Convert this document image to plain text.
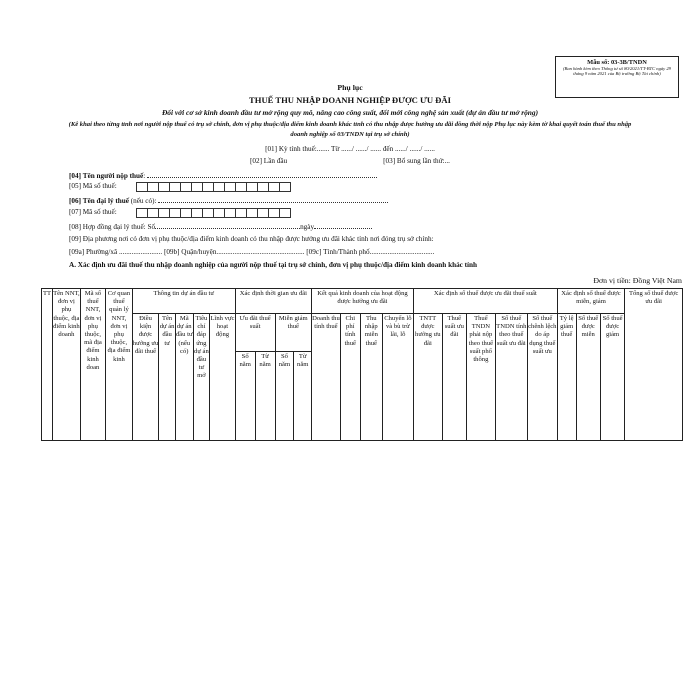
Mẫu số: 03-3B/TNDN
(Ban hành kèm theo Thông tư số 80/2021/TT-BTC ngày 29 tháng 9 năm 2021 của Bộ trưởng Bộ Tài chính)
Phụ lục
THUẾ THU NHẬP DOANH NGHIỆP ĐƯỢC ƯU ĐÃI
Đối với cơ sở kinh doanh đầu tư mở rộng quy mô, nâng cao công suất, đổi mới công nghệ sản xuất (dự án đầu tư mở rộng)
(Kê khai theo từng tỉnh nơi người nộp thuế có trụ sở chính, đơn vị phụ thuộc/địa điểm kinh doanh khác tỉnh có thu nhập được hưởng ưu đãi đồng thời nộp Phụ lục này kèm tờ khai quyết toán thuế thu nhập doanh nghiệp số 03/TNDN tại trụ sở chính)
[01] Kỳ tính thuế:....... Từ ....../ ....../ ...... đến ....../ ....../ ......
[02] Lần đầu	[03] Bổ sung lần thứ:...
[04] Tên người nộp thuế:
[05] Mã số thuế:
[06] Tên đại lý thuế (nếu có):
[07] Mã số thuế:
[08] Hợp đồng đại lý thuế: Số	ngày
[09] Địa phương nơi có đơn vị phụ thuộc/địa điểm kinh doanh có thu nhập được hưởng ưu đãi khác tỉnh nơi đóng trụ sở chính:
[09a] Phường/xã ........................ [09b] Quận/huyện................................................. [09c] Tỉnh/Thành phố....................................
A. Xác định ưu đãi thuế thu nhập doanh nghiệp của người nộp thuế tại trụ sở chính, đơn vị phụ thuộc/địa điểm kinh doanh khác tỉnh
Đơn vị tiền: Đồng Việt Nam
TT	Tên NNT, đơn vị phụ thuộc, địa điểm kinh doanh	Mã số thuế NNT, đơn vị phụ thuộc, mã địa điểm kinh doan	Cơ quan thuế quản lý NNT, đơn vị phụ thuộc, địa điểm kinh	Thông tin dự án đầu tư					Xác định thời gian ưu đãi				Kết quả kinh doanh của hoạt động được hưởng ưu đãi				Xác định số thuế được ưu đãi thuế suất					Xác định số thuế được miễn, giảm			Tổng số thuế được ưu đãi
				Điều kiện được hưởng ưu đãi thuế	Tên dự án đầu tư	Mã dự án đầu tư (nếu có)	Tiêu chí đáp ứng dự án đầu tư mở	Lĩnh vực hoạt động	Ưu đãi thuế suất		Miễn giảm thuế		Doanh thu tính thuế	Chi phí tính thuế	Thu nhập miễn thuế	Chuyển lỗ và bù trừ lãi, lỗ	TNTT được hưởng ưu đãi	Thuế suất ưu đãi	Thuế TNDN phải nộp theo thuế suất phổ thông	Số thuế TNDN tính theo thuế suất ưu đãi	Số thuế chênh lệch do áp dụng thuế suất ưu	Tỷ lệ giảm thuế	Số thuế được miễn	Số thuế được giảm	
									Số năm	Từ năm	Số năm	Từ năm													
